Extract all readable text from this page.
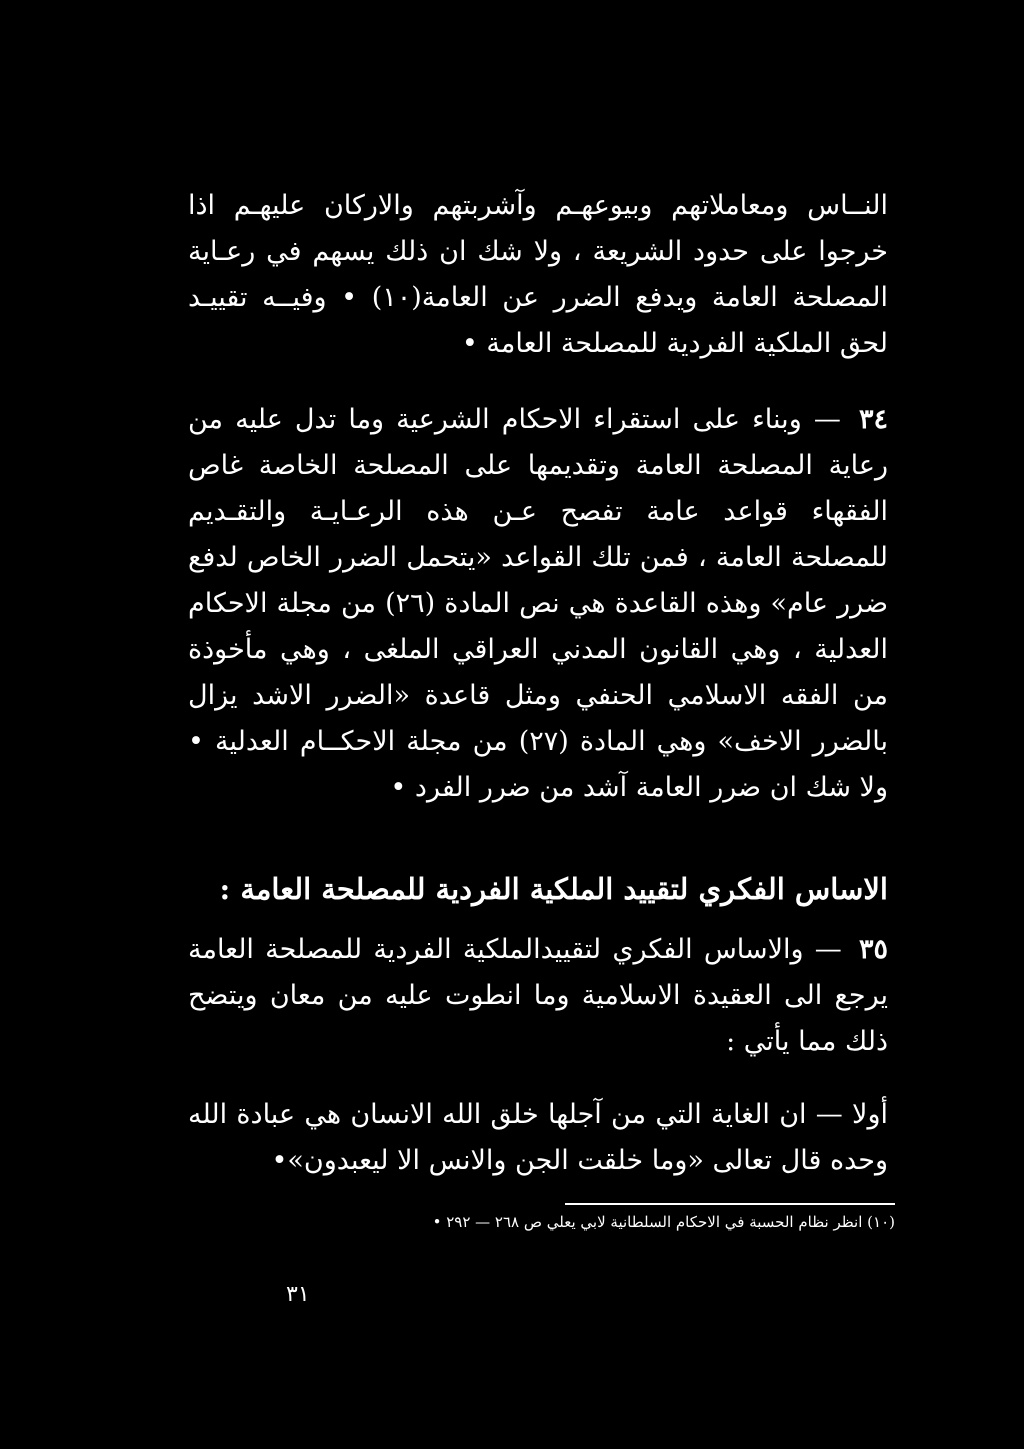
النــاس ومعاملاتهم وبيوعهـم وآشربتهم والاركان عليهـم اذا خرجوا على حدود الشريعة ، ولا شك ان ذلك يسهم في رعـاية المصلحة العامة ويدفع الضرر عن العامة(١٠) • وفيــه تقييـد لحق الملكية الفردية للمصلحة العامة •

٣٤ — وبناء على استقراء الاحكام الشرعية وما تدل عليه من رعاية المصلحة العامة وتقديمها على المصلحة الخاصة غاص الفقهاء قواعد عامة تفصح عـن هذه الرعـايـة والتقـديم للمصلحة العامة ، فمن تلك القواعد «يتحمل الضرر الخاص لدفع ضرر عام» وهذه القاعدة هي نص المادة (٢٦) من مجلة الاحكام العدلية ، وهي القانون المدني العراقي الملغى ، وهي مأخوذة من الفقه الاسلامي الحنفي ومثل قاعدة «الضرر الاشد يزال بالضرر الاخف» وهي المادة (٢٧) من مجلة الاحكــام العدلية • ولا شك ان ضرر العامة آشد من ضرر الفرد •

الاساس الفكري لتقييد الملكية الفردية للمصلحة العامة :

٣٥ — والاساس الفكري لتقييدالملكية الفردية للمصلحة العامة يرجع الى العقيدة الاسلامية وما انطوت عليه من معان ويتضح ذلك مما يأتي :

أولا — ان الغاية التي من آجلها خلق الله الانسان هي عبادة الله وحده قال تعالى «وما خلقت الجن والانس الا ليعبدون»•

(١٠) انظر نظام الحسبة في الاحكام السلطانية لابي يعلي ص ٢٦٨ — ٢٩٢ •

٣١
